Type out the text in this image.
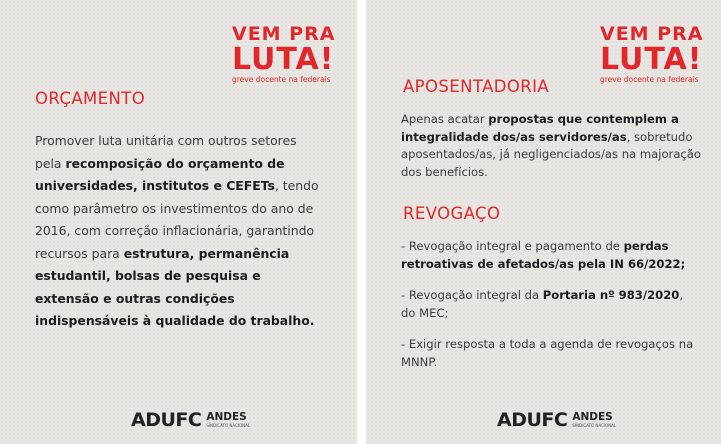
VEM PRA
LUTA!
greve docente na federais
ORÇAMENTO
Promover luta unitária com outros setores pela recomposição do orçamento de universidades, institutos e CEFETs, tendo como parâmetro os investimentos do ano de 2016, com correção inflacionária, garantindo recursos para estrutura, permanência estudantil, bolsas de pesquisa e extensão e outras condições indispensáveis à qualidade do trabalho.
ADUFC ANDES
SINDICATO NACIONAL
VEM PRA
LUTA!
greve docente na federais
APOSENTADORIA
Apenas acatar propostas que contemplem a integralidade dos/as servidores/as, sobretudo aposentados/as, já negligenciados/as na majoração dos benefícios.
REVOGAÇO
- Revogação integral e pagamento de perdas retroativas de afetados/as pela IN 66/2022;
- Revogação integral da Portaria nº 983/2020, do MEC;
- Exigir resposta a toda a agenda de revogaços na MNNP.
ADUFC ANDES
SINDICATO NACIONAL
